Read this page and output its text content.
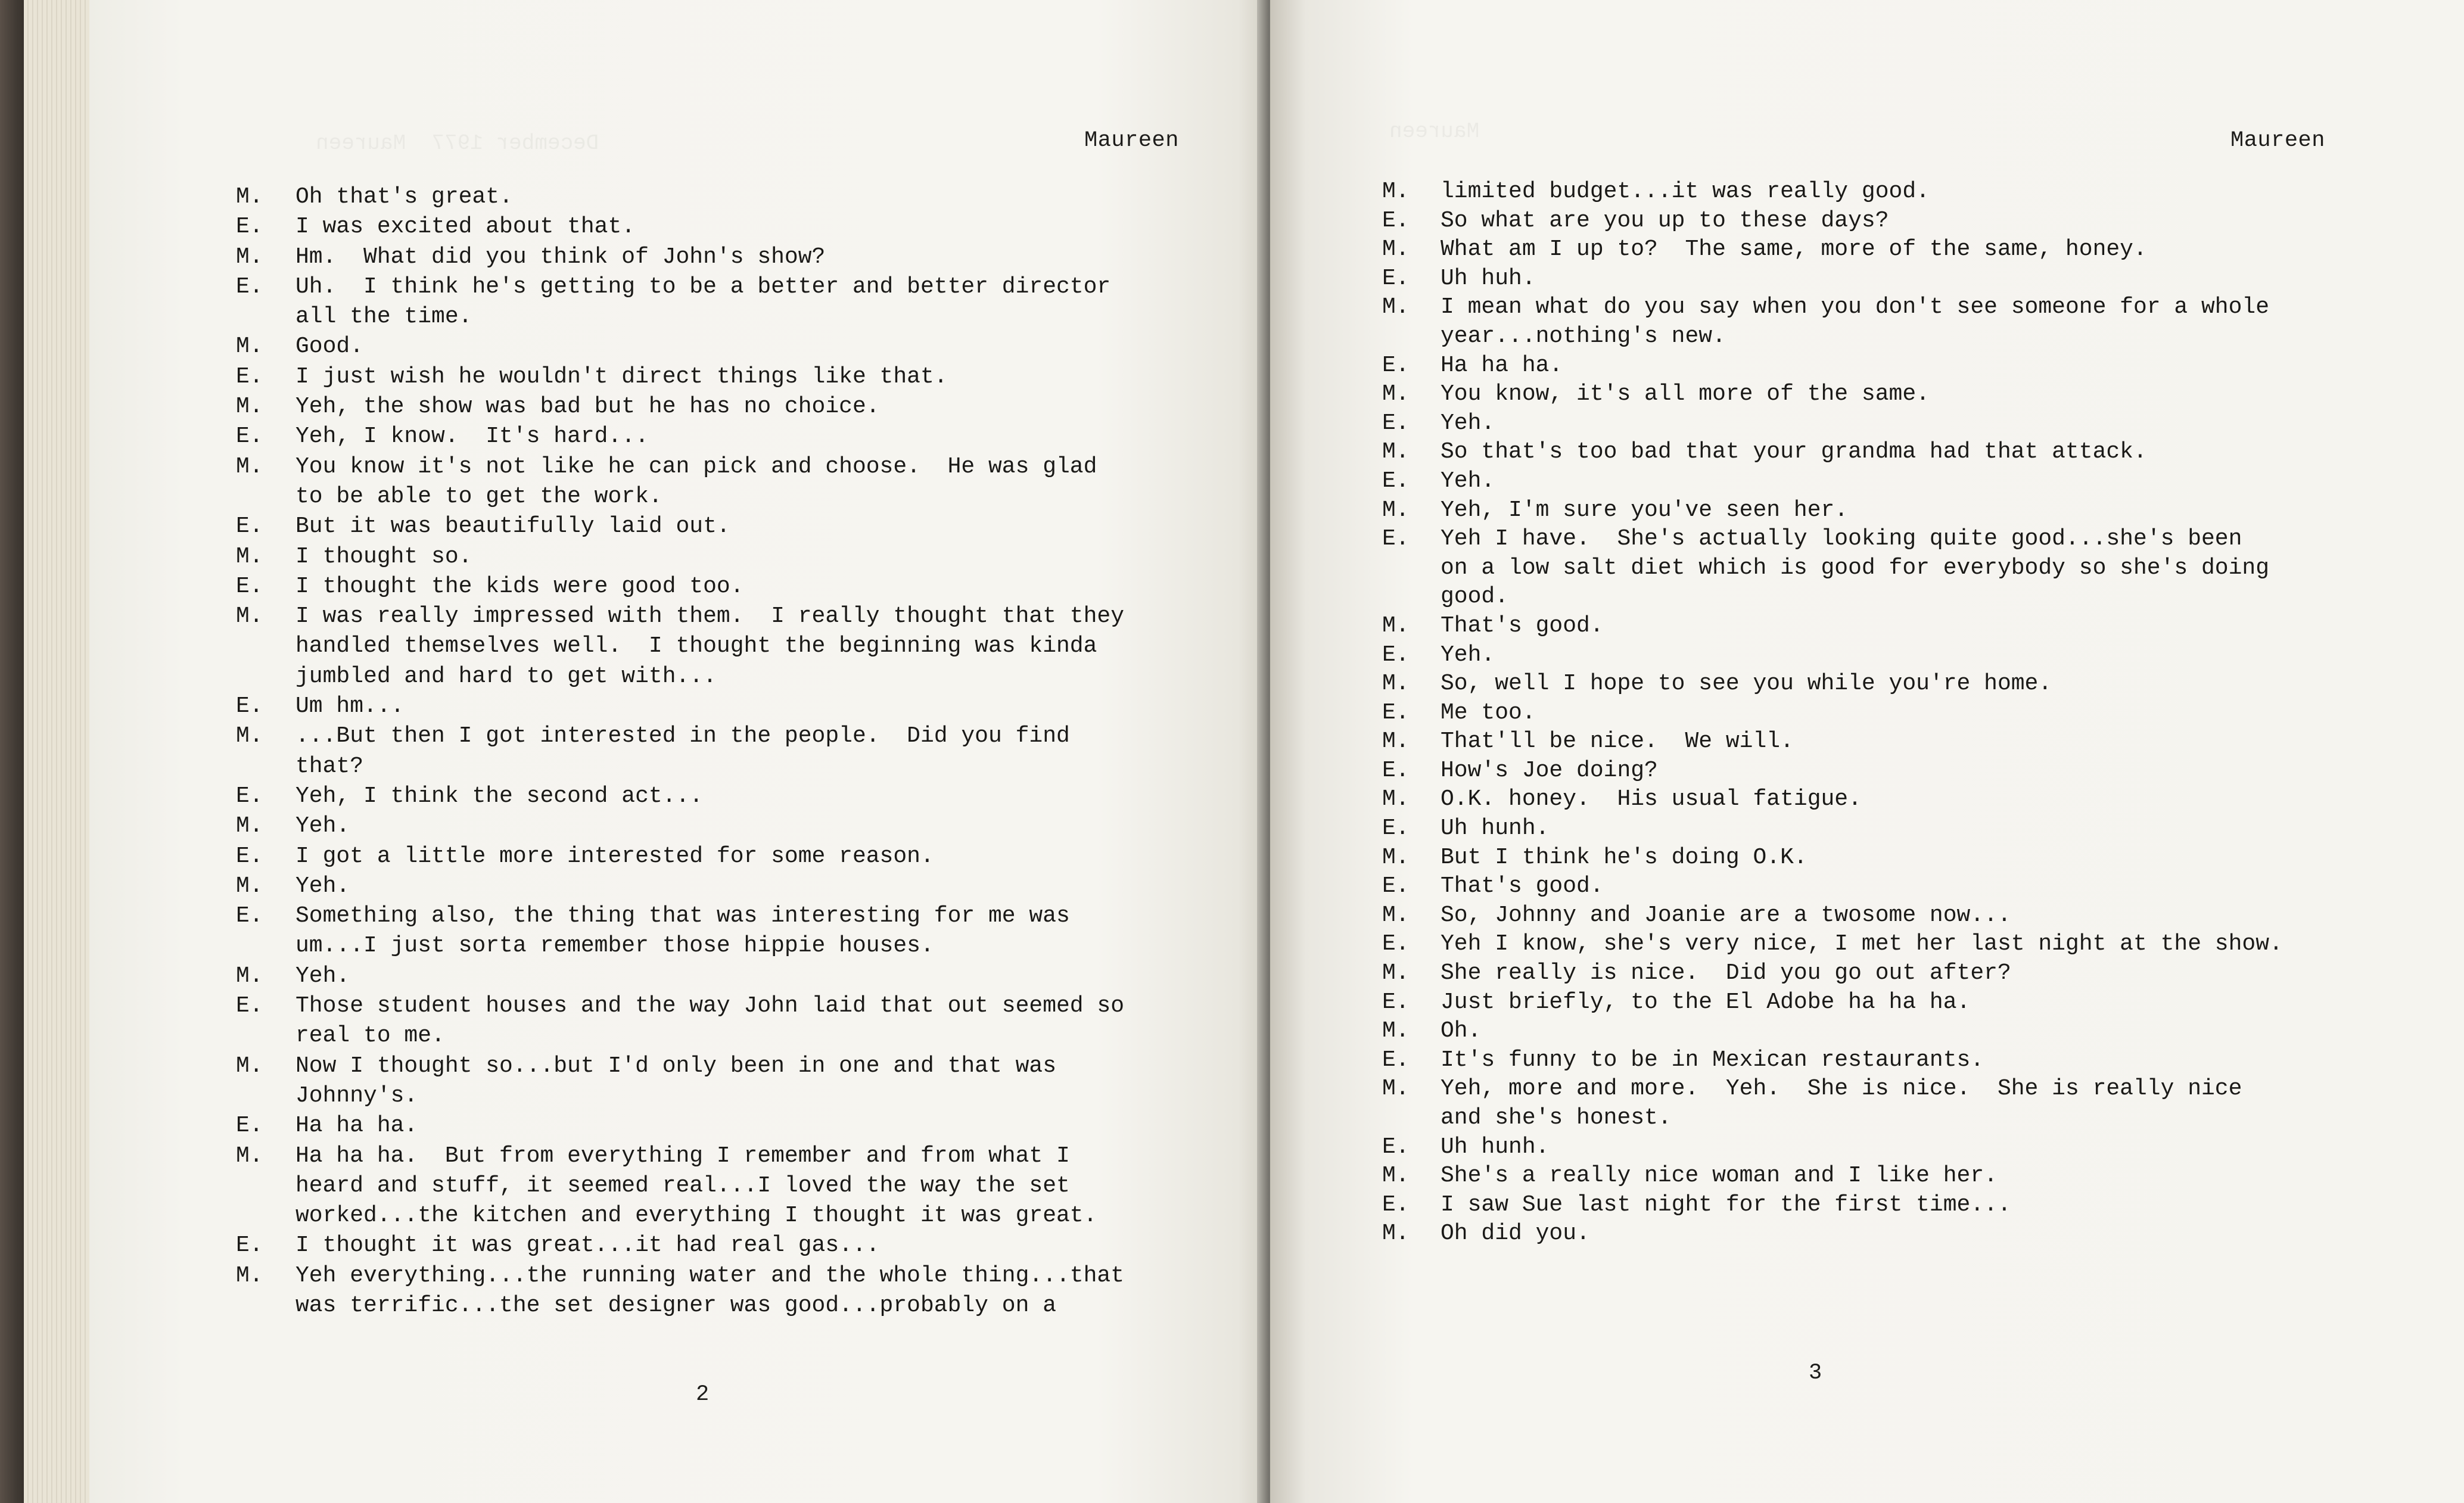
December 1977  Maureen	Maureen
M. Oh that's great.
E. I was excited about that.
M. Hm.  What did you think of John's show?
E. Uh.  I think he's getting to be a better and better director
all the time.
M. Good.
E. I just wish he wouldn't direct things like that.
M. Yeh, the show was bad but he has no choice.
E. Yeh, I know.  It's hard...
M. You know it's not like he can pick and choose.  He was glad
to be able to get the work.
E. But it was beautifully laid out.
M. I thought so.
E. I thought the kids were good too.
M. I was really impressed with them.  I really thought that they
handled themselves well.  I thought the beginning was kinda
jumbled and hard to get with...
E. Um hm...
M. ...But then I got interested in the people.  Did you find
that?
E. Yeh, I think the second act...
M. Yeh.
E. I got a little more interested for some reason.
M. Yeh.
E. Something also, the thing that was interesting for me was
um...I just sorta remember those hippie houses.
M. Yeh.
E. Those student houses and the way John laid that out seemed so
real to me.
M. Now I thought so...but I'd only been in one and that was
Johnny's.
E. Ha ha ha.
M. Ha ha ha.  But from everything I remember and from what I
heard and stuff, it seemed real...I loved the way the set
worked...the kitchen and everything I thought it was great.
E. I thought it was great...it had real gas...
M. Yeh everything...the running water and the whole thing...that
was terrific...the set designer was good...probably on a
2
Maureen	Maureen
M. limited budget...it was really good.
E. So what are you up to these days?
M. What am I up to?  The same, more of the same, honey.
E. Uh huh.
M. I mean what do you say when you don't see someone for a whole
year...nothing's new.
E. Ha ha ha.
M. You know, it's all more of the same.
E. Yeh.
M. So that's too bad that your grandma had that attack.
E. Yeh.
M. Yeh, I'm sure you've seen her.
E. Yeh I have.  She's actually looking quite good...she's been
on a low salt diet which is good for everybody so she's doing
good.
M. That's good.
E. Yeh.
M. So, well I hope to see you while you're home.
E. Me too.
M. That'll be nice.  We will.
E. How's Joe doing?
M. O.K. honey.  His usual fatigue.
E. Uh hunh.
M. But I think he's doing O.K.
E. That's good.
M. So, Johnny and Joanie are a twosome now...
E. Yeh I know, she's very nice, I met her last night at the show.
M. She really is nice.  Did you go out after?
E. Just briefly, to the El Adobe ha ha ha.
M. Oh.
E. It's funny to be in Mexican restaurants.
M. Yeh, more and more.  Yeh.  She is nice.  She is really nice
and she's honest.
E. Uh hunh.
M. She's a really nice woman and I like her.
E. I saw Sue last night for the first time...
M. Oh did you.
3
